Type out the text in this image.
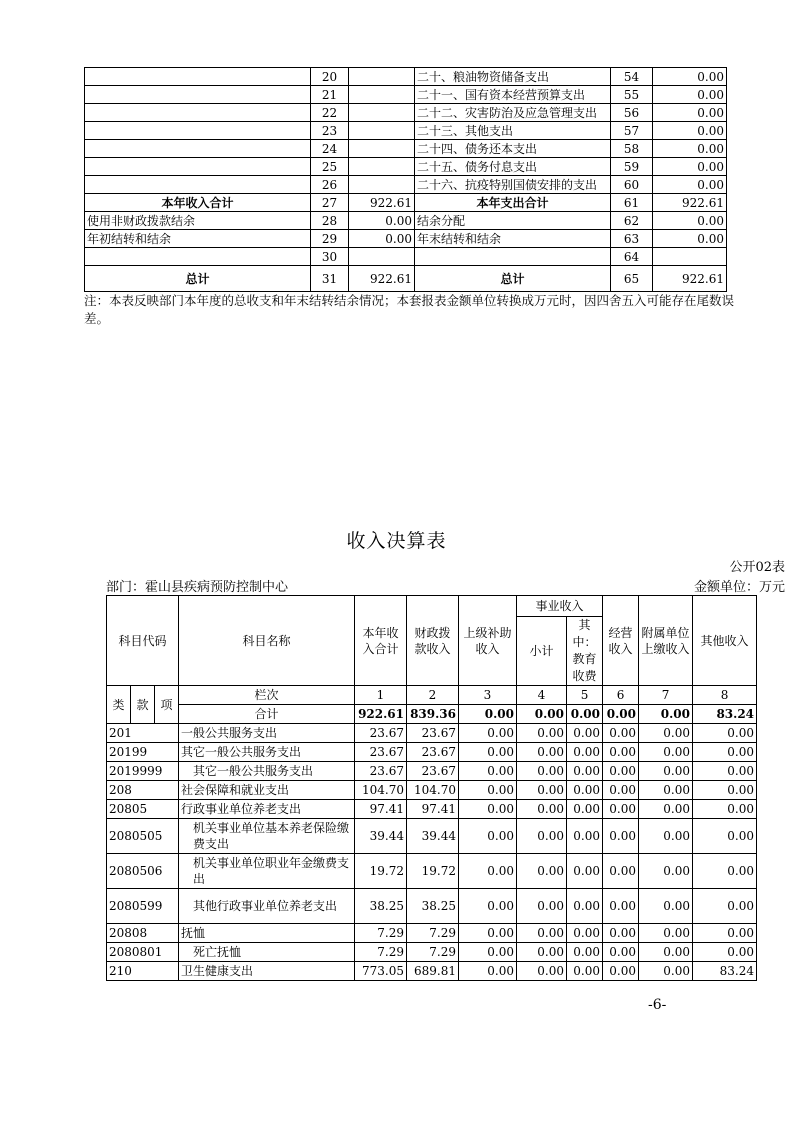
	20		二十、粮油物资储备支出	54	0.00
	21		二十一、国有资本经营预算支出	55	0.00
	22		二十二、灾害防治及应急管理支出	56	0.00
	23		二十三、其他支出	57	0.00
	24		二十四、债务还本支出	58	0.00
	25		二十五、债务付息支出	59	0.00
	26		二十六、抗疫特别国债安排的支出	60	0.00
本年收入合计	27	922.61	本年支出合计	61	922.61
使用非财政拨款结余	28	0.00	结余分配	62	0.00
年初结转和结余	29	0.00	年末结转和结余	63	0.00
	30			64	
总计	31	922.61	总计	65	922.61
注：本表反映部门本年度的总收支和年末结转结余情况；本套报表金额单位转换成万元时，因四舍五入可能存在尾数误差。
收入决算表
公开02表
部门：霍山县疾病预防控制中心	金额单位：万元
科目代码			科目名称	本年收入合计	财政拨款收入	上级补助收入	事业收入		经营收入	附属单位上缴收入	其他收入
							小计	其中：教育收费			

类	款	项	栏次	1	2	3	4	5	6	7	8
			合计	922.61	839.36	0.00	0.00	0.00	0.00	0.00	83.24
201			一般公共服务支出	23.67	23.67	0.00	0.00	0.00	0.00	0.00	0.00
20199			其它一般公共服务支出	23.67	23.67	0.00	0.00	0.00	0.00	0.00	0.00
2019999			其它一般公共服务支出	23.67	23.67	0.00	0.00	0.00	0.00	0.00	0.00
208			社会保障和就业支出	104.70	104.70	0.00	0.00	0.00	0.00	0.00	0.00
20805			行政事业单位养老支出	97.41	97.41	0.00	0.00	0.00	0.00	0.00	0.00
2080505			机关事业单位基本养老保险缴费支出	39.44	39.44	0.00	0.00	0.00	0.00	0.00	0.00
2080506			机关事业单位职业年金缴费支出	19.72	19.72	0.00	0.00	0.00	0.00	0.00	0.00
2080599			其他行政事业单位养老支出	38.25	38.25	0.00	0.00	0.00	0.00	0.00	0.00
20808			抚恤	7.29	7.29	0.00	0.00	0.00	0.00	0.00	0.00
2080801			死亡抚恤	7.29	7.29	0.00	0.00	0.00	0.00	0.00	0.00
210			卫生健康支出	773.05	689.81	0.00	0.00	0.00	0.00	0.00	83.24
-6-
